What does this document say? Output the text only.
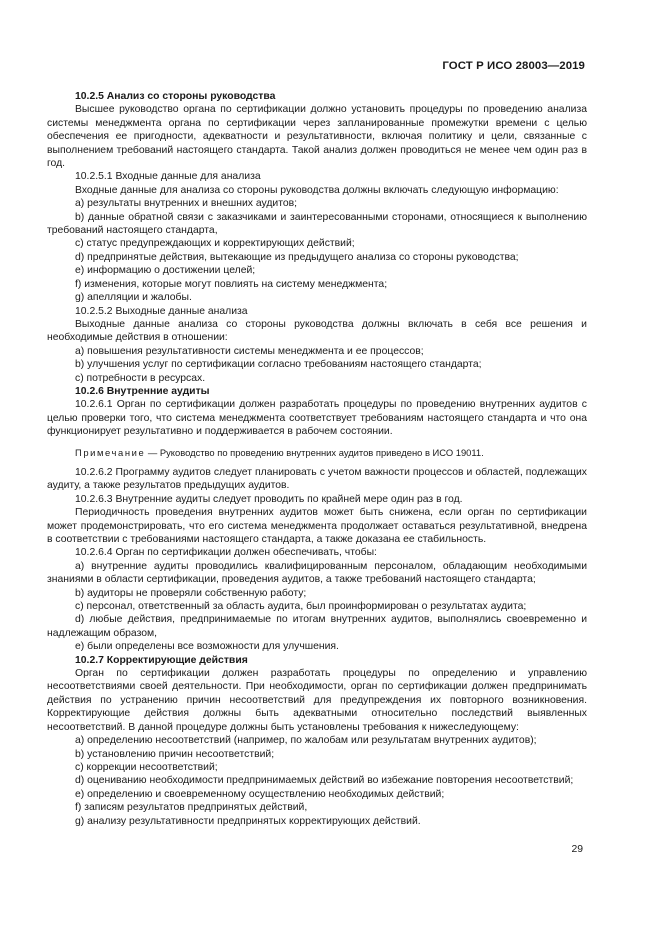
ГОСТ Р ИСО 28003—2019

10.2.5 Анализ со стороны руководства

Высшее руководство органа по сертификации должно установить процедуры по проведению анализа системы менеджмента органа по сертификации через запланированные промежутки времени с целью обеспечения ее пригодности, адекватности и результативности, включая политику и цели, связанные с выполнением требований настоящего стандарта. Такой анализ должен проводиться не менее чем один раз в год.

10.2.5.1 Входные данные для анализа

Входные данные для анализа со стороны руководства должны включать следующую информацию:

a) результаты внутренних и внешних аудитов;

b) данные обратной связи с заказчиками и заинтересованными сторонами, относящиеся к выполнению требований настоящего стандарта,

c) статус предупреждающих и корректирующих действий;

d) предпринятые действия, вытекающие из предыдущего анализа со стороны руководства;

e) информацию о достижении целей;

f) изменения, которые могут повлиять на систему менеджмента;

g) апелляции и жалобы.

10.2.5.2 Выходные данные анализа

Выходные данные анализа со стороны руководства должны включать в себя все решения и необходимые действия в отношении:

a) повышения результативности системы менеджмента и ее процессов;

b) улучшения услуг по сертификации согласно требованиям настоящего стандарта;

c) потребности в ресурсах.

10.2.6 Внутренние аудиты

10.2.6.1 Орган по сертификации должен разработать процедуры по проведению внутренних аудитов с целью проверки того, что система менеджмента соответствует требованиям настоящего стандарта и что она функционирует результативно и поддерживается в рабочем состоянии.

Примечание — Руководство по проведению внутренних аудитов приведено в ИСО 19011.

10.2.6.2 Программу аудитов следует планировать с учетом важности процессов и областей, подлежащих аудиту, а также результатов предыдущих аудитов.

10.2.6.3 Внутренние аудиты следует проводить по крайней мере один раз в год.

Периодичность проведения внутренних аудитов может быть снижена, если орган по сертификации может продемонстрировать, что его система менеджмента продолжает оставаться результативной, внедрена в соответствии с требованиями настоящего стандарта, а также доказана ее стабильность.

10.2.6.4 Орган по сертификации должен обеспечивать, чтобы:

a) внутренние аудиты проводились квалифицированным персоналом, обладающим необходимыми знаниями в области сертификации, проведения аудитов, а также требований настоящего стандарта;

b) аудиторы не проверяли собственную работу;

c) персонал, ответственный за область аудита, был проинформирован о результатах аудита;

d) любые действия, предпринимаемые по итогам внутренних аудитов, выполнялись своевременно и надлежащим образом,

e) были определены все возможности для улучшения.

10.2.7 Корректирующие действия

Орган по сертификации должен разработать процедуры по определению и управлению несоответствиями своей деятельности. При необходимости, орган по сертификации должен предпринимать действия по устранению причин несоответствий для предупреждения их повторного возникновения. Корректирующие действия должны быть адекватными относительно последствий выявленных несоответствий. В данной процедуре должны быть установлены требования к нижеследующему:

a) определению несоответствий (например, по жалобам или результатам внутренних аудитов);

b) установлению причин несоответствий;

c) коррекции несоответствий;

d) оцениванию необходимости предпринимаемых действий во избежание повторения несоответствий;

e) определению и своевременному осуществлению необходимых действий;

f) записям результатов предпринятых действий,

g) анализу результативности предпринятых корректирующих действий.

29
